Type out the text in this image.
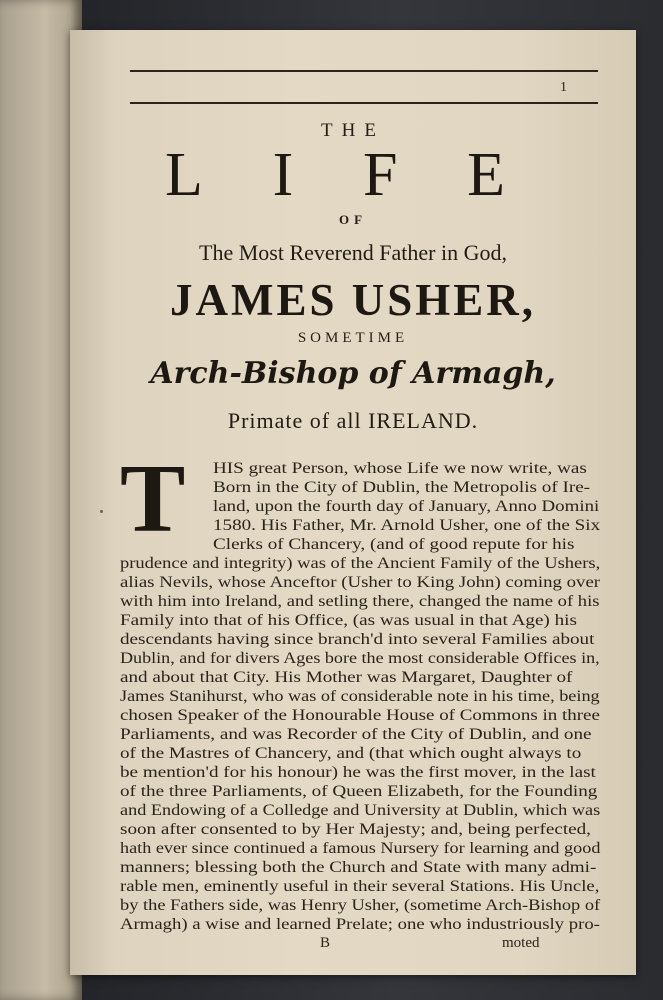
1
THE
L I F E
OF
The Most Reverend Father in God,
JAMES USHER,
SOMETIME
Arch-Bishop of Armagh,
Primate of all IRELAND.
T HIS great Person, whose Life we now write, was
Born in the City of Dublin, the Metropolis of Ire-
land, upon the fourth day of January, Anno Domini
1580. His Father, Mr. Arnold Usher, one of the Six
Clerks of Chancery, (and of good repute for his
prudence and integrity) was of the Ancient Family of the Ushers,
alias Nevils, whose Anceftor (Usher to King John) coming over
with him into Ireland, and setling there, changed the name of his
Family into that of his Office, (as was usual in that Age) his
descendants having since branch'd into several Families about
Dublin, and for divers Ages bore the most considerable Offices in,
and about that City. His Mother was Margaret, Daughter of
James Stanihurst, who was of considerable note in his time, being
chosen Speaker of the Honourable House of Commons in three
Parliaments, and was Recorder of the City of Dublin, and one
of the Mastres of Chancery, and (that which ought always to
be mention'd for his honour) he was the first mover, in the last
of the three Parliaments, of Queen Elizabeth, for the Founding
and Endowing of a Colledge and University at Dublin, which was
soon after consented to by Her Majesty; and, being perfected,
hath ever since continued a famous Nursery for learning and good
manners; blessing both the Church and State with many admi-
rable men, eminently useful in their several Stations. His Uncle,
by the Fathers side, was Henry Usher, (sometime Arch-Bishop of
Armagh) a wise and learned Prelate; one who industriously pro-
B	moted
